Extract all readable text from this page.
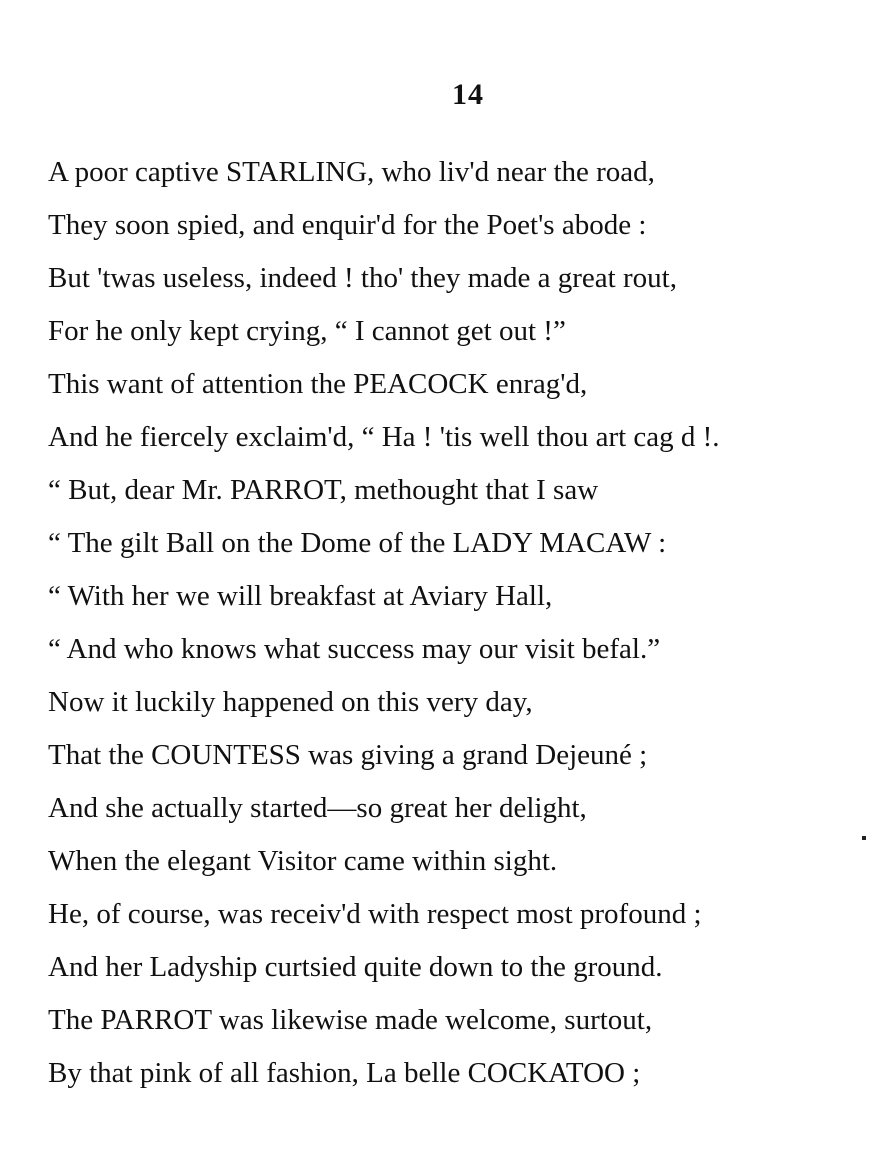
14
A poor captive STARLING, who liv'd near the road,
They soon spied, and enquir'd for the Poet's abode :
But 'twas useless, indeed ! tho' they made a great rout,
For he only kept crying, “ I cannot get out !”
This want of attention the PEACOCK enrag'd,
And he fiercely exclaim'd, “ Ha ! 'tis well thou art cag d !.
“ But, dear Mr. PARROT, methought that I saw
“ The gilt Ball on the Dome of the LADY MACAW :
“ With her we will breakfast at Aviary Hall,
“ And who knows what success may our visit befal.”
Now it luckily happened on this very day,
That the COUNTESS was giving a grand Dejeuné ;
And she actually started—so great her delight,
When the elegant Visitor came within sight.
He, of course, was receiv'd with respect most profound ;
And her Ladyship curtsied quite down to the ground.
The PARROT was likewise made welcome, surtout,
By that pink of all fashion, La belle COCKATOO ;
